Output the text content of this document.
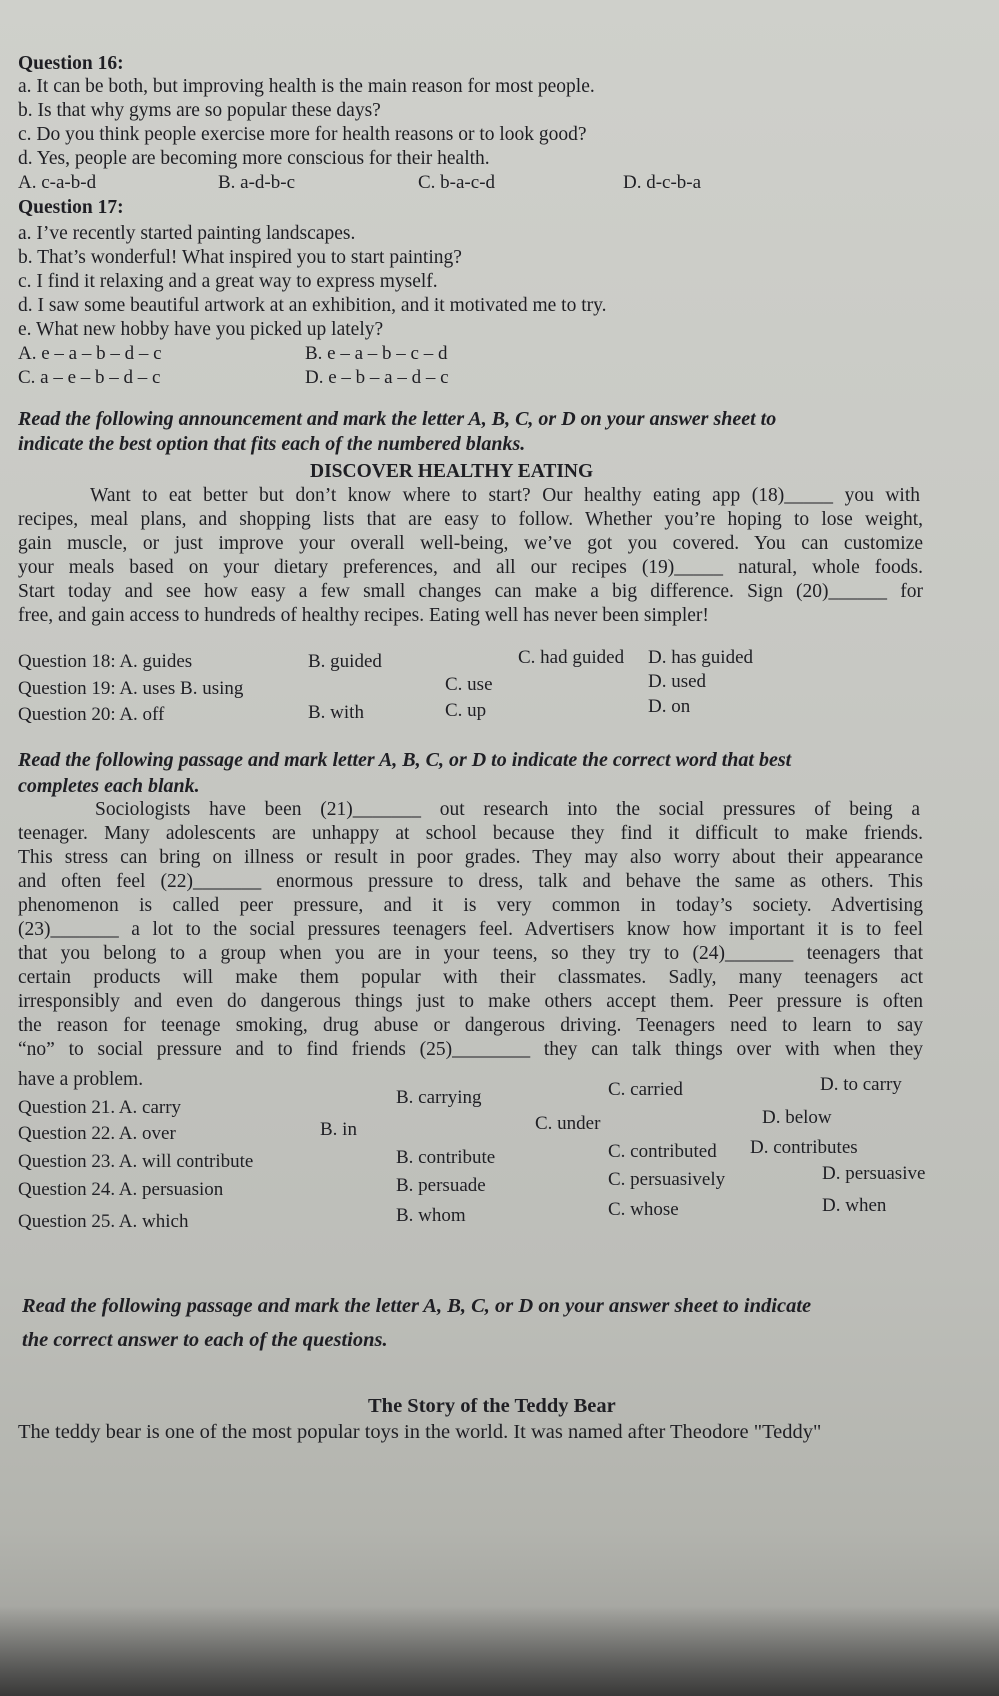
Question 16:
a. It can be both, but improving health is the main reason for most people.
b. Is that why gyms are so popular these days?
c. Do you think people exercise more for health reasons or to look good?
d. Yes, people are becoming more conscious for their health.
A. c-a-b-d	B. a-d-b-c	C. b-a-c-d	D. d-c-b-a
Question 17:
a. I’ve recently started painting landscapes.
b. That’s wonderful! What inspired you to start painting?
c. I find it relaxing and a great way to express myself.
d. I saw some beautiful artwork at an exhibition, and it motivated me to try.
e. What new hobby have you picked up lately?
A. e – a – b – d – c	B. e – a – b – c – d
C. a – e – b – d – c	D. e – b – a – d – c
Read the following announcement and mark the letter A, B, C, or D on your answer sheet to
indicate the best option that fits each of the numbered blanks.
DISCOVER HEALTHY EATING
Want to eat better but don’t know where to start? Our healthy eating app (18)_____ you with
recipes, meal plans, and shopping lists that are easy to follow. Whether you’re hoping to lose weight,
gain muscle, or just improve your overall well-being, we’ve got you covered. You can customize
your meals based on your dietary preferences, and all our recipes (19)_____ natural, whole foods.
Start today and see how easy a few small changes can make a big difference. Sign (20)______ for
free, and gain access to hundreds of healthy recipes. Eating well has never been simpler!
Question 18: A. guides	B. guided	C. had guided D. has guided
Question 19: A. uses B. using	C. use	D. used
Question 20: A. off	B. with	C. up	D. on
Read the following passage and mark letter A, B, C, or D to indicate the correct word that best
completes each blank.
Sociologists have been (21)_______ out research into the social pressures of being a
teenager. Many adolescents are unhappy at school because they find it difficult to make friends.
This stress can bring on illness or result in poor grades. They may also worry about their appearance
and often feel (22)_______ enormous pressure to dress, talk and behave the same as others. This
phenomenon is called peer pressure, and it is very common in today’s society. Advertising
(23)_______ a lot to the social pressures teenagers feel. Advertisers know how important it is to feel
that you belong to a group when you are in your teens, so they try to (24)_______ teenagers that
certain products will make them popular with their classmates. Sadly, many teenagers act
irresponsibly and even do dangerous things just to make others accept them. Peer pressure is often
the reason for teenage smoking, drug abuse or dangerous driving. Teenagers need to learn to say
“no” to social pressure and to find friends (25)________ they can talk things over with when they
have a problem.
Question 21. A. carry	B. carrying	C. carried	D. to carry
Question 22. A. over	B. in	C. under	D. below
Question 23. A. will contribute	B. contribute	C. contributed D. contributes
Question 24. A. persuasion	B. persuade	C. persuasively	D. persuasive
Question 25. A. which	B. whom	C. whose	D. when
Read the following passage and mark the letter A, B, C, or D on your answer sheet to indicate
the correct answer to each of the questions.
The Story of the Teddy Bear
The teddy bear is one of the most popular toys in the world. It was named after Theodore "Teddy"
